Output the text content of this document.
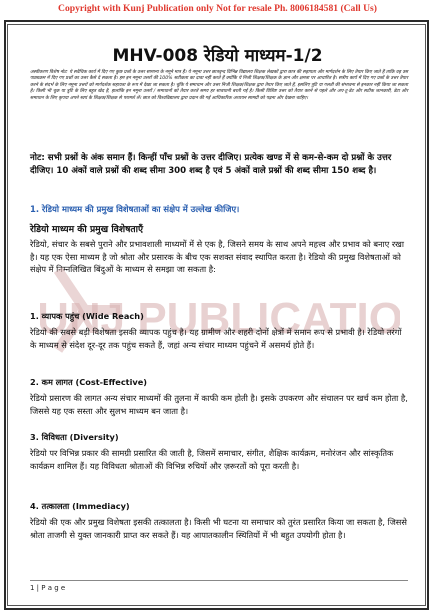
Copyright with Kunj Publication only Not for resale Ph. 8006184581 (Call Us)
MHV-008 रेडियो माध्यम-1/2
अस्वीकरण विशेष नोट: ये सवैधिक कार्य में दिए गए कुछ प्रश्नों के उत्तर सामान्य के नमूने मात्र हैं। ये नमूना उत्तर छात्रवृन्द विभिन्न विद्यालय शिक्षक लेखकों द्वारा छात्र की सहायता और मार्गदर्शन के लिए तैयार किए जाते हैं ताकि वह उस पाठ्यक्रम में दिए गए प्रश्नों का उत्तर कैसे दे सकता है। हम इन नमूना उत्तरों की 100% सटीकता का दावा नहीं करते हैं क्योंकि ये निजी शिक्षक/शिक्षक के ज्ञान और क्षमता पर आधारित है। सत्रीय कार्य में दिए गए प्रश्नों के उत्तर तैयार करने के संदर्भ के लिए नमूना उत्तरों को मार्गदर्शक सहायता के रूप में देखा जा सकता है। चूंकि ये समाधान और उत्तर निजी शिक्षक/शिक्षक द्वारा तैयार किए जाते हैं, इसलिए त्रुटि या गलती की संभावना से इनकार नहीं किया जा सकता है। किसी भी चूक या त्रुटि के लिए बहुत खेद है, हालांकि इन नमूना उत्तरों / समाधानों को तैयार करते समय हर सावधानी बरती गई है। किसी विशिष्ट उत्तर को तैयार करने से पहले और अप-टू-डेट और सटीक जानकारी, डेटा और समाधान के लिए कृपया अपने स्वयं के शिक्षक/शिक्षक से परामर्श लें। छात्र को विश्वविद्यालय द्वारा प्रदान की गई आधिकारिक अध्ययन सामग्री को पढ़ना और देखना चाहिए।
नोट: सभी प्रश्नों के अंक समान हैं। किन्हीं पाँच प्रश्नों के उत्तर दीजिए। प्रत्येक खण्ड में से कम-से-कम दो प्रश्नों के उत्तर दीजिए। 10 अंकों वाले प्रश्नों की शब्द सीमा 300 शब्द है एवं 5 अंकों वाले प्रश्नों की शब्द सीमा 150 शब्द है।
1. रेडियो माध्यम की प्रमुख विशेषताओं का संक्षेप में उल्लेख कीजिए।
रेडियो माध्यम की प्रमुख विशेषताएँ
रेडियो, संचार के सबसे पुराने और प्रभावशाली माध्यमों में से एक है, जिसने समय के साथ अपने महत्त्व और प्रभाव को बनाए रखा है। यह एक ऐसा माध्यम है जो श्रोता और प्रसारक के बीच एक सशक्त संवाद स्थापित करता है। रेडियो की प्रमुख विशेषताओं को संक्षेप में निम्नलिखित बिंदुओं के माध्यम से समझा जा सकता है:
UNJ PUBLICATIO
1. व्यापक पहुंच (Wide Reach)
रेडियो की सबसे बड़ी विशेषता इसकी व्यापक पहुंच है। यह ग्रामीण और शहरी दोनों क्षेत्रों में समान रूप से प्रभावी है। रेडियो तरंगों के माध्यम से संदेश दूर-दूर तक पहुंच सकते हैं, जहां अन्य संचार माध्यम पहुंचने में असमर्थ होते हैं।
2. कम लागत (Cost-Effective)
रेडियो प्रसारण की लागत अन्य संचार माध्यमों की तुलना में काफी कम होती है। इसके उपकरण और संचालन पर खर्च कम होता है, जिससे यह एक सस्ता और सुलभ माध्यम बन जाता है।
3. विविधता (Diversity)
रेडियो पर विभिन्न प्रकार की सामग्री प्रसारित की जाती है, जिसमें समाचार, संगीत, शैक्षिक कार्यक्रम, मनोरंजन और सांस्कृतिक कार्यक्रम शामिल हैं। यह विविधता श्रोताओं की विभिन्न रुचियों और ज़रूरतों को पूरा करती है।
4. तत्कालता (Immediacy)
रेडियो की एक और प्रमुख विशेषता इसकी तत्कालता है। किसी भी घटना या समाचार को तुरंत प्रसारित किया जा सकता है, जिससे श्रोता ताजगी से युक्त जानकारी प्राप्त कर सकते हैं। यह आपातकालीन स्थितियों में भी बहुत उपयोगी होता है।
1 | P a g e
